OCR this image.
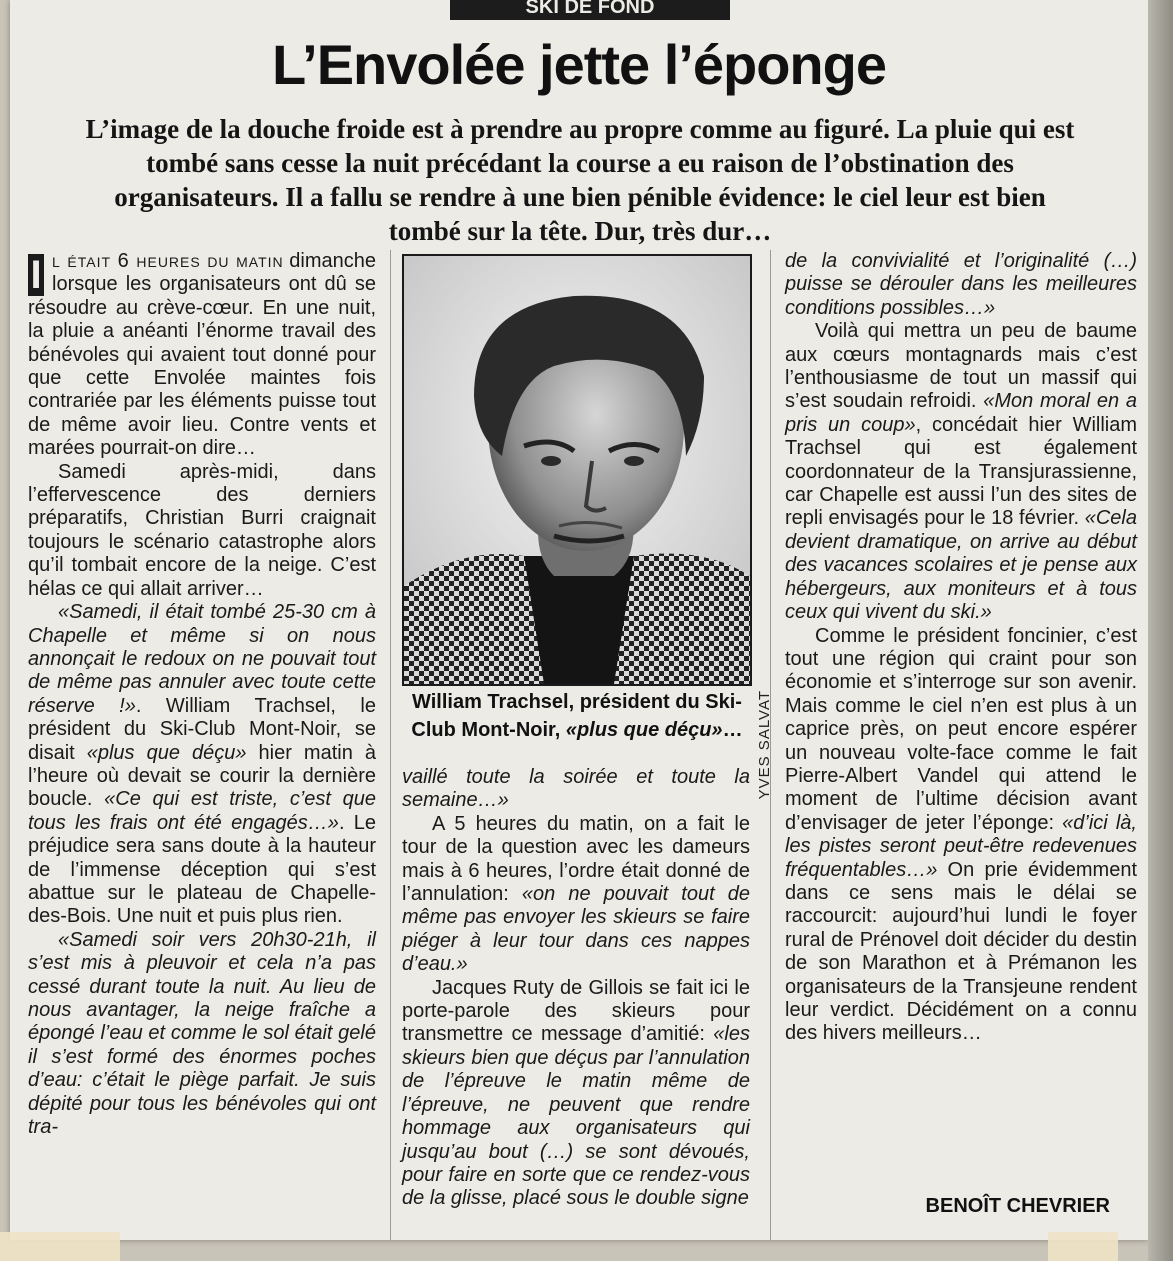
SKI DE FOND
L’Envolée jette l’éponge

L’image de la douche froide est à prendre au propre comme au figuré. La pluie qui est tombé sans cesse la nuit précédant la course a eu raison de l’obstination des organisateurs. Il a fallu se rendre à une bien pénible évidence: le ciel leur est bien tombé sur la tête. Dur, très dur…

I l était 6 heures du matin dimanche lorsque les organisateurs ont dû se résoudre au crève-cœur. En une nuit, la pluie a anéanti l’énorme travail des bénévoles qui avaient tout donné pour que cette Envolée maintes fois contrariée par les éléments puisse tout de même avoir lieu. Contre vents et marées pourrait-on dire…

Samedi après-midi, dans l’effervescence des derniers préparatifs, Christian Burri craignait toujours le scénario catastrophe alors qu’il tombait encore de la neige. C’est hélas ce qui allait arriver…

«Samedi, il était tombé 25-30 cm à Chapelle et même si on nous annonçait le redoux on ne pouvait tout de même pas annuler avec toute cette réserve !». William Trachsel, le président du Ski-Club Mont-Noir, se disait «plus que déçu» hier matin à l’heure où devait se courir la dernière boucle. «Ce qui est triste, c’est que tous les frais ont été engagés…». Le préjudice sera sans doute à la hauteur de l’immense déception qui s’est abattue sur le plateau de Chapelle-des-Bois. Une nuit et puis plus rien.

«Samedi soir vers 20h30-21h, il s’est mis à pleuvoir et cela n’a pas cessé durant toute la nuit. Au lieu de nous avantager, la neige fraîche a épongé l’eau et comme le sol était gelé il s’est formé des énormes poches d’eau: c’était le piège parfait. Je suis dépité pour tous les bénévoles qui ont tra-

YVES SALVAT
William Trachsel, président du Ski-Club Mont-Noir, «plus que déçu»…

vaillé toute la soirée et toute la semaine…»

A 5 heures du matin, on a fait le tour de la question avec les dameurs mais à 6 heures, l’ordre était donné de l’annulation: «on ne pouvait tout de même pas envoyer les skieurs se faire piéger à leur tour dans ces nappes d’eau.»

Jacques Ruty de Gillois se fait ici le porte-parole des skieurs pour transmettre ce message d’amitié: «les skieurs bien que déçus par l’annulation de l’épreuve le matin même de l’épreuve, ne peuvent que rendre hommage aux organisateurs qui jusqu’au bout (…) se sont dévoués, pour faire en sorte que ce rendez-vous de la glisse, placé sous le double signe

de la convivialité et l’originalité (…) puisse se dérouler dans les meilleures conditions possibles…»

Voilà qui mettra un peu de baume aux cœurs montagnards mais c’est l’enthousiasme de tout un massif qui s’est soudain refroidi. «Mon moral en a pris un coup», concédait hier William Trachsel qui est également coordonnateur de la Transjurassienne, car Chapelle est aussi l’un des sites de repli envisagés pour le 18 février. «Cela devient dramatique, on arrive au début des vacances scolaires et je pense aux hébergeurs, aux moniteurs et à tous ceux qui vivent du ski.»

Comme le président foncinier, c’est tout une région qui craint pour son économie et s’interroge sur son avenir. Mais comme le ciel n’en est plus à un caprice près, on peut encore espérer un nouveau volte-face comme le fait Pierre-Albert Vandel qui attend le moment de l’ultime décision avant d’envisager de jeter l’éponge: «d’ici là, les pistes seront peut-être redevenues fréquentables…» On prie évidemment dans ce sens mais le délai se raccourcit: aujourd’hui lundi le foyer rural de Prénovel doit décider du destin de son Marathon et à Prémanon les organisateurs de la Transjeune rendent leur verdict. Décidément on a connu des hivers meilleurs…

BENOÎT CHEVRIER
